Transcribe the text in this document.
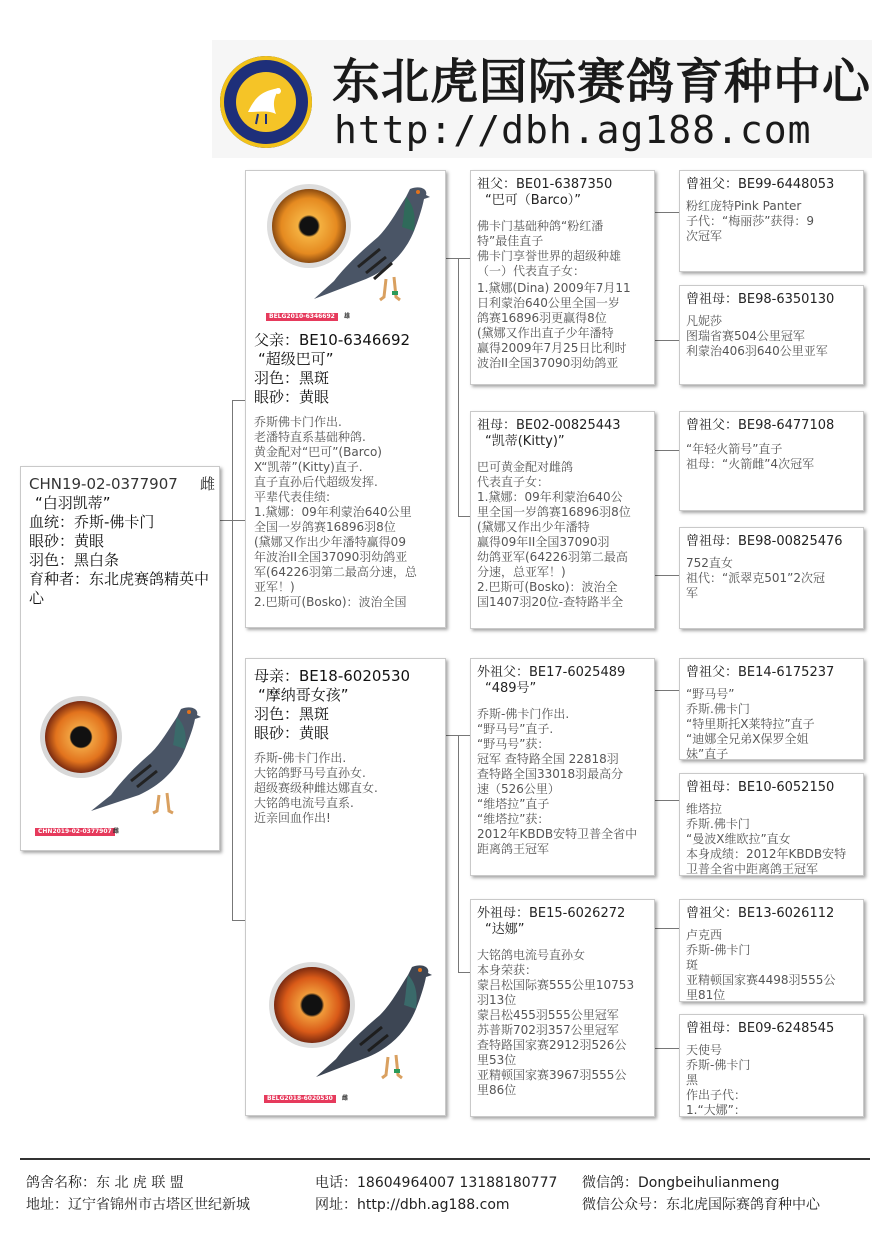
东北虎国际赛鸽育种中心
http://dbh.ag188.com
CHN19-02-0377907 雌
“白羽凯蒂”
血统：乔斯-佛卡门
眼砂：黄眼
羽色：黑白条
育种者：东北虎赛鸽精英中心
CHN2019-02-0377907 雌
BELG2010-6346692	雄
父亲：BE10-6346692
“超级巴可”
羽色：黑斑
眼砂：黄眼
乔斯佛卡门作出.
老潘特直系基础种鸽.
黄金配对“巴可”(Barco)
X“凯蒂”(Kitty)直子.
直子直孙后代超级发挥.
平辈代表佳绩:
1.黛娜：09年利蒙治640公里
全国一岁鸽赛16896羽8位
(黛娜又作出少年潘特赢得09
年波治II全国37090羽幼鸽亚
军(64226羽第二最高分速，总
亚军！)
2.巴斯可(Bosko)：波治全国
母亲：BE18-6020530
“摩纳哥女孩”
羽色：黑斑
眼砂：黄眼
乔斯-佛卡门作出.
大铭鸽野马号直孙女.
超级赛级种雌达娜直女.
大铭鸽电流号直系.
近亲回血作出!
BELG2018-6020530	雌
祖父：BE01-6387350
“巴可（Barco）”
佛卡门基础种鸽“粉红潘
特”最佳直子
佛卡门享誉世界的超级种雄
（一）代表直子女：
1.黛娜(Dina) 2009年7月11
日利蒙治640公里全国一岁
鸽赛16896羽更赢得8位
(黛娜又作出直子少年潘特
赢得2009年7月25日比利时
波治II全国37090羽幼鸽亚
祖母：BE02-00825443
“凯蒂(Kitty)”
巴可黄金配对雌鸽
代表直子女：
1.黛娜：09年利蒙治640公
里全国一岁鸽赛16896羽8位
(黛娜又作出少年潘特
赢得09年II全国37090羽
幼鸽亚军(64226羽第二最高
分速，总亚军！)
2.巴斯可(Bosko)：波治全
国1407羽20位-查特路半全
外祖父：BE17-6025489
“489号”
乔斯-佛卡门作出.
“野马号”直子.
“野马号”获：
冠军 查特路全国 22818羽
查特路全国33018羽最高分
速（526公里）
“维塔拉”直子
“维塔拉”获：
2012年KBDB安特卫普全省中
距离鸽王冠军
外祖母：BE15-6026272
“达娜”
大铭鸽电流号直孙女
本身荣获：
蒙吕松国际赛555公里10753
羽13位
蒙吕松455羽555公里冠军
苏普斯702羽357公里冠军
查特路国家赛2912羽526公
里53位
亚精顿国家赛3967羽555公
里86位
曾祖父：BE99-6448053
粉红庞特Pink Panter
子代：“梅丽莎”获得：9
次冠军
曾祖母：BE98-6350130
凡妮莎
图瑞省赛504公里冠军
利蒙治406羽640公里亚军
曾祖父：BE98-6477108
“年轻火箭号”直子
祖母：“火箭雌”4次冠军
曾祖母：BE98-00825476
752直女
祖代：“派翠克501”2次冠
军
曾祖父：BE14-6175237
“野马号”
乔斯.佛卡门
“特里斯托X莱特拉”直子
“迪娜全兄弟X保罗全姐
妹”直子
曾祖母：BE10-6052150
维塔拉
乔斯.佛卡门
“曼波X维欧拉”直女
本身成绩：2012年KBDB安特
卫普全省中距离鸽王冠军
曾祖父：BE13-6026112
卢克西
乔斯-佛卡门
斑
亚精顿国家赛4498羽555公
里81位
曾祖母：BE09-6248545
天使号
乔斯-佛卡门
黑
作出子代：
1.“大娜”：
鸽舍名称：东 北 虎 联 盟	电话：18604964007 13188180777 微信鸽：Dongbeihulianmeng
地址：辽宁省锦州市古塔区世纪新城	网址：http://dbh.ag188.com	微信公众号：东北虎国际赛鸽育种中心
